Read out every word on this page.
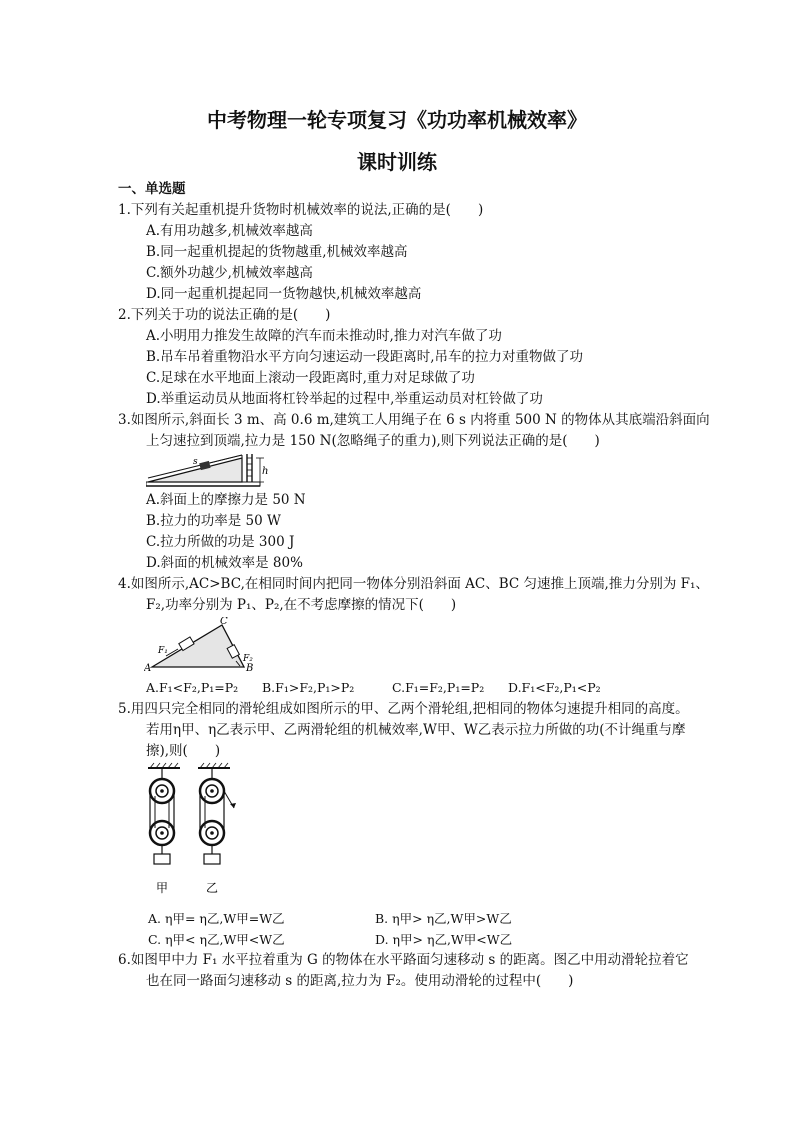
中考物理一轮专项复习《功功率机械效率》
课时训练
一、单选题
1.下列有关起重机提升货物时机械效率的说法,正确的是(　　)
A.有用功越多,机械效率越高
B.同一起重机提起的货物越重,机械效率越高
C.额外功越少,机械效率越高
D.同一起重机提起同一货物越快,机械效率越高
2.下列关于功的说法正确的是(　　)
A.小明用力推发生故障的汽车而未推动时,推力对汽车做了功
B.吊车吊着重物沿水平方向匀速运动一段距离时,吊车的拉力对重物做了功
C.足球在水平地面上滚动一段距离时,重力对足球做了功
D.举重运动员从地面将杠铃举起的过程中,举重运动员对杠铃做了功
3.如图所示,斜面长 3 m、高 0.6 m,建筑工人用绳子在 6 s 内将重 500 N 的物体从其底端沿斜面向
上匀速拉到顶端,拉力是 150 N(忽略绳子的重力),则下列说法正确的是(　　)
h
s
A.斜面上的摩擦力是 50 N
B.拉力的功率是 50 W
C.拉力所做的功是 300 J
D.斜面的机械效率是 80%
4.如图所示,AC>BC,在相同时间内把同一物体分别沿斜面 AC、BC 匀速推上顶端,推力分别为 F₁、
F₂,功率分别为 P₁、P₂,在不考虑摩擦的情况下(　　)
A
C
B
F₁
F₂
A.F₁<F₂,P₁=P₂ B.F₁>F₂,P₁>P₂	C.F₁=F₂,P₁=P₂ D.F₁<F₂,P₁<P₂
5.用四只完全相同的滑轮组成如图所示的甲、乙两个滑轮组,把相同的物体匀速提升相同的高度。
若用η甲、η乙表示甲、乙两滑轮组的机械效率,W甲、W乙表示拉力所做的功(不计绳重与摩
擦),则(　　)
甲	乙
A. η甲= η乙,W甲=W乙	B. η甲> η乙,W甲>W乙
C. η甲< η乙,W甲<W乙	D. η甲> η乙,W甲<W乙
6.如图甲中力 F₁ 水平拉着重为 G 的物体在水平路面匀速移动 s 的距离。图乙中用动滑轮拉着它
也在同一路面匀速移动 s 的距离,拉力为 F₂。使用动滑轮的过程中(　　)
